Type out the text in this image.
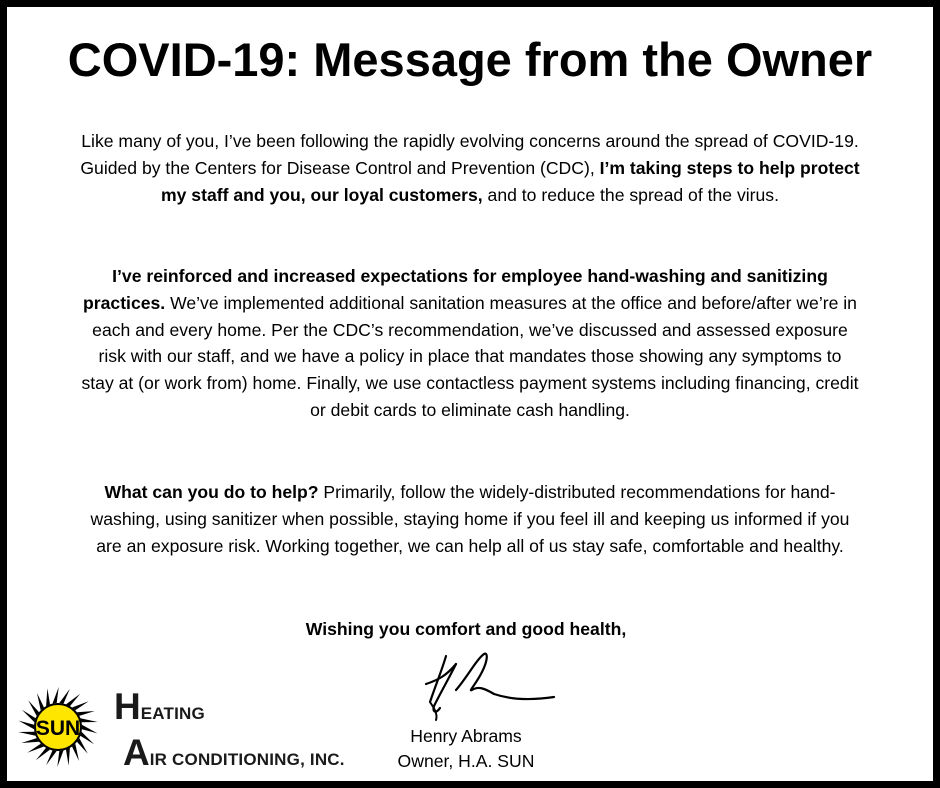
COVID-19: Message from the Owner
Like many of you, I’ve been following the rapidly evolving concerns around the spread of COVID-19. Guided by the Centers for Disease Control and Prevention (CDC), I’m taking steps to help protect my staff and you, our loyal customers, and to reduce the spread of the virus.
I’ve reinforced and increased expectations for employee hand-washing and sanitizing practices. We’ve implemented additional sanitation measures at the office and before/after we’re in each and every home. Per the CDC’s recommendation, we’ve discussed and assessed exposure risk with our staff, and we have a policy in place that mandates those showing any symptoms to stay at (or work from) home. Finally, we use contactless payment systems including financing, credit or debit cards to eliminate cash handling.
What can you do to help? Primarily, follow the widely-distributed recommendations for hand-washing, using sanitizer when possible, staying home if you feel ill and keeping us informed if you are an exposure risk. Working together, we can help all of us stay safe, comfortable and healthy.
Wishing you comfort and good health,
Henry Abrams
Owner, H.A. SUN
SUN
HEATING
AIR CONDITIONING, INC.
